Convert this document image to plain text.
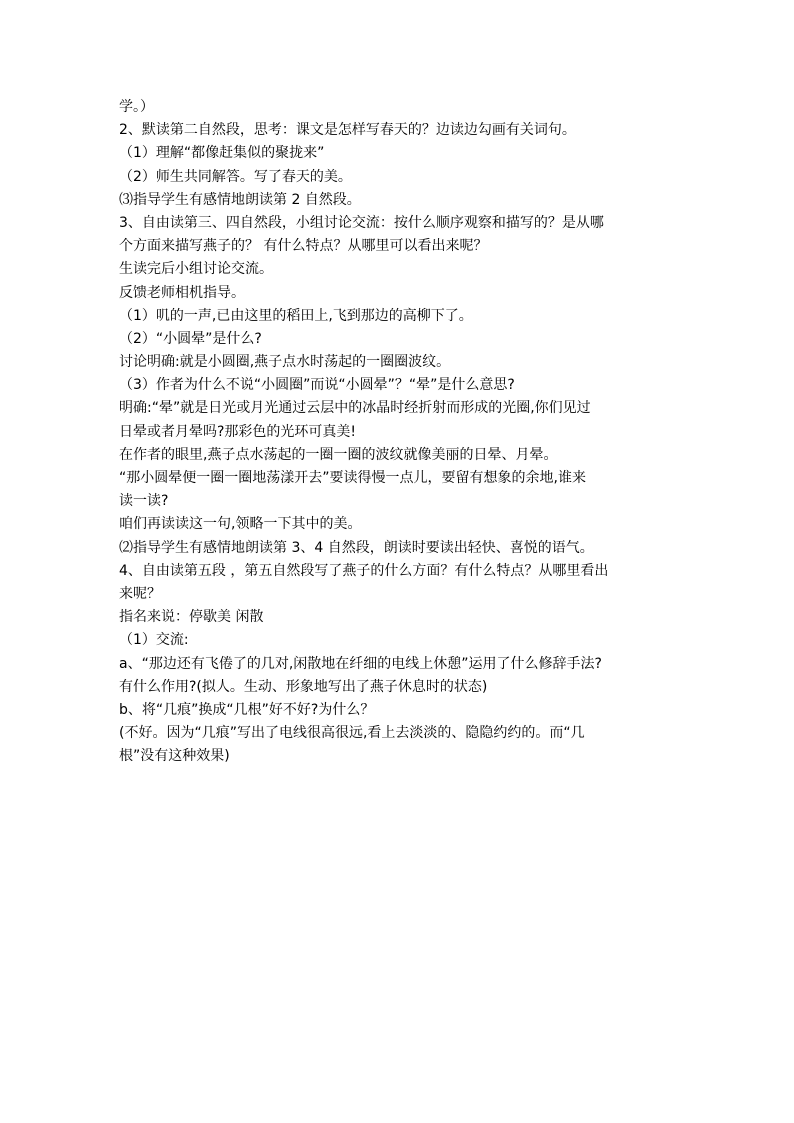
学。）
2、默读第二自然段，思考：课文是怎样写春天的？边读边勾画有关词句。
（1）理解“都像赶集似的聚拢来”
（2）师生共同解答。写了春天的美。
⑶指导学生有感情地朗读第 2 自然段。
3、自由读第三、四自然段，小组讨论交流：按什么顺序观察和描写的？是从哪
个方面来描写燕子的？ 有什么特点？从哪里可以看出来呢？
生读完后小组讨论交流。
反馈老师相机指导。
（1）叽的一声,已由这里的稻田上,飞到那边的高柳下了。
（2）“小圆晕”是什么?
讨论明确:就是小圆圈,燕子点水时荡起的一圈圈波纹。
（3）作者为什么不说“小圆圈”而说“小圆晕”？“晕”是什么意思?
明确:“晕”就是日光或月光通过云层中的冰晶时经折射而形成的光圈,你们见过
日晕或者月晕吗?那彩色的光环可真美!
在作者的眼里,燕子点水荡起的一圈一圈的波纹就像美丽的日晕、月晕。
“那小圆晕便一圈一圈地荡漾开去”要读得慢一点儿，要留有想象的余地,谁来
读一读?
咱们再读读这一句,领略一下其中的美。
⑵指导学生有感情地朗读第 3、4 自然段，朗读时要读出轻快、喜悦的语气。
4、自由读第五段 ，第五自然段写了燕子的什么方面？有什么特点？从哪里看出
来呢？
指名来说：停歇美 闲散
（1）交流:
a、“那边还有飞倦了的几对,闲散地在纤细的电线上休憩”运用了什么修辞手法?
有什么作用?(拟人。生动、形象地写出了燕子休息时的状态)
b、将“几痕”换成“几根”好不好?为什么？
(不好。因为“几痕”写出了电线很高很远,看上去淡淡的、隐隐约约的。而“几
根”没有这种效果)
